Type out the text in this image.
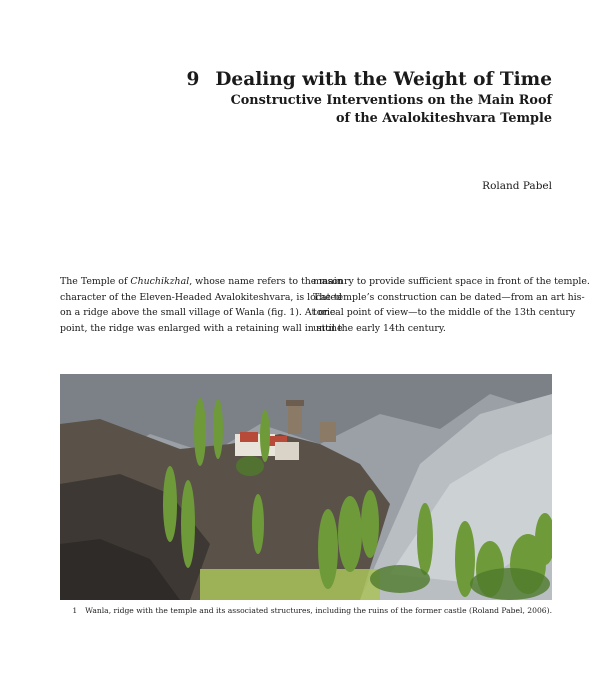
9 Dealing with the Weight of Time
Constructive Interventions on the Main Roof
of the Avalokiteshvara Temple
Roland Pabel
The Temple of Chuchikzhal, whose name refers to the main
character of the Eleven-Headed Avalokiteshvara, is located
on a ridge above the small village of Wanla (fig. 1). At one
point, the ridge was enlarged with a retaining wall in stone
masonry to provide sufficient space in front of the temple.
The temple’s construction can be dated—from an art his-
torical point of view—to the middle of the 13th century
until the early 14th century.
1 Wanla, ridge with the temple and its associated structures, including the ruins of the former castle (Roland Pabel, 2006).
